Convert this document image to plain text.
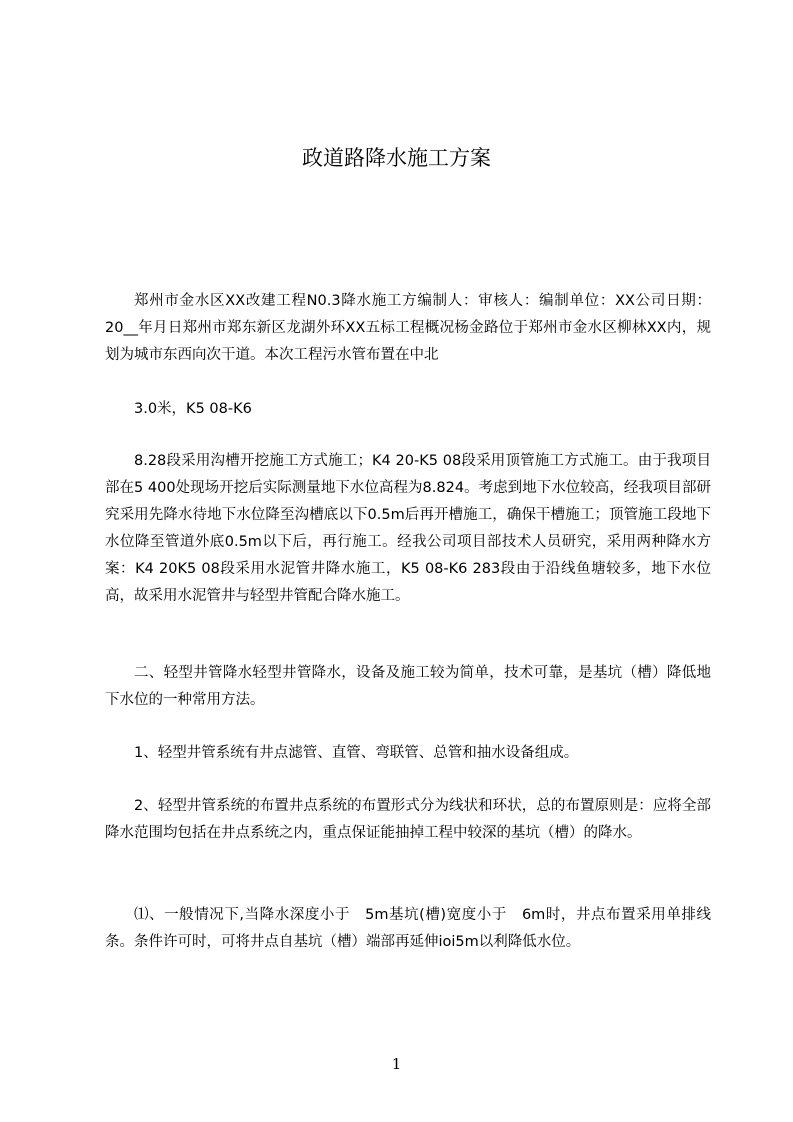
政道路降水施工方案

郑州市金水区XX改建工程N0.3降水施工方编制人：审核人：编制单位：XX公司日期：20__年月日郑州市郑东新区龙湖外环XX五标工程概况杨金路位于郑州市金水区柳林XX内，规划为城市东西向次干道。本次工程污水管布置在中北

3.0米，K5 08-K6

8.28段采用沟槽开挖施工方式施工；K4 20-K5 08段采用顶管施工方式施工。由于我项目部在5 400处现场开挖后实际测量地下水位高程为8.824。考虑到地下水位较高，经我项目部研究采用先降水待地下水位降至沟槽底以下0.5m后再开槽施工，确保干槽施工；顶管施工段地下水位降至管道外底0.5m以下后，再行施工。经我公司项目部技术人员研究，采用两种降水方案：K4 20K5 08段采用水泥管井降水施工，K5 08-K6 283段由于沿线鱼塘较多，地下水位高，故采用水泥管井与轻型井管配合降水施工。

二、轻型井管降水轻型井管降水，设备及施工较为简单，技术可靠，是基坑（槽）降低地下水位的一种常用方法。

1、轻型井管系统有井点滤管、直管、弯联管、总管和抽水设备组成。

2、轻型井管系统的布置井点系统的布置形式分为线状和环状，总的布置原则是：应将全部降水范围均包括在井点系统之内，重点保证能抽掉工程中较深的基坑（槽）的降水。

⑴、一般情况下,当降水深度小于　5m基坑(槽)宽度小于　6m时，井点布置采用单排线条。条件许可时，可将井点自基坑（槽）端部再延伸ioi5m以利降低水位。

1
